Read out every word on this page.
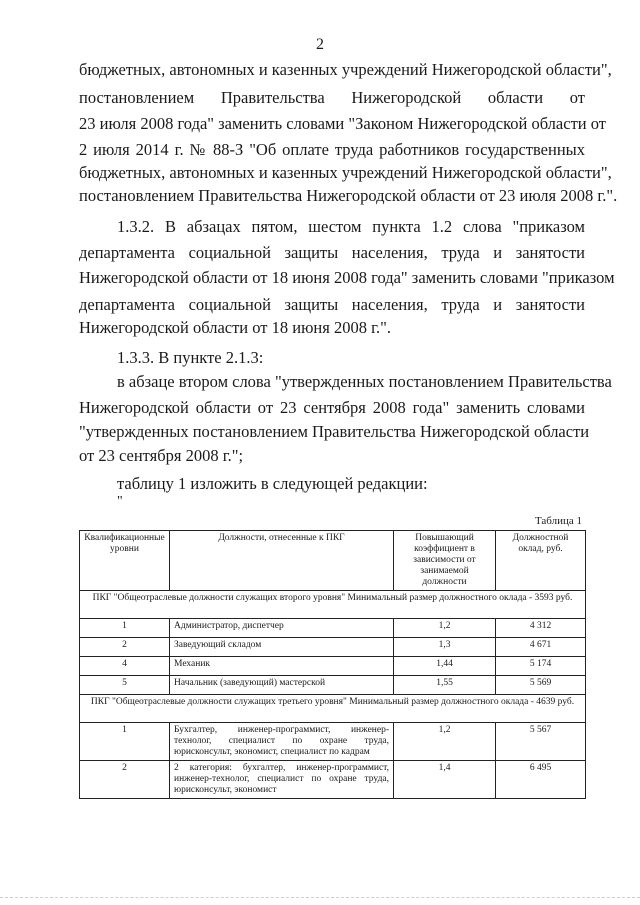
2
бюджетных, автономных и казенных учреждений Нижегородской области",
постановлением Правительства Нижегородской области от
23 июля 2008 года" заменить словами "Законом Нижегородской области от
2 июля 2014 г. № 88-З "Об оплате труда работников государственных
бюджетных, автономных и казенных учреждений Нижегородской области",
постановлением Правительства Нижегородской области от 23 июля 2008 г.".
1.3.2. В абзацах пятом, шестом пункта 1.2 слова "приказом
департамента социальной защиты населения, труда и занятости
Нижегородской области от 18 июня 2008 года" заменить словами "приказом
департамента социальной защиты населения, труда и занятости
Нижегородской области от 18 июня 2008 г.".
1.3.3. В пункте 2.1.3:
в абзаце втором слова "утвержденных постановлением Правительства
Нижегородской области от 23 сентября 2008 года" заменить словами
"утвержденных постановлением Правительства Нижегородской области
от 23 сентября 2008 г.";
таблицу 1 изложить в следующей редакции:
"
Таблица 1
Квалификационные уровни	Должности, отнесенные к ПКГ	Повышающий коэффициент в зависимости от занимаемой должности	Должностной оклад, руб.
ПКГ "Общеотраслевые должности служащих второго уровня" Минимальный размер должностного оклада - 3593 руб.			
1	Администратор, диспетчер	1,2	4 312
2	Заведующий складом	1,3	4 671
4	Механик	1,44	5 174
5	Начальник (заведующий) мастерской	1,55	5 569
ПКГ "Общеотраслевые должности служащих третьего уровня" Минимальный размер должностного оклада - 4639 руб.			
1	Бухгалтер, инженер-программист, инженер-технолог, специалист по охране труда, юрисконсульт, экономист, специалист по кадрам	1,2	5 567
2	2 категория: бухгалтер, инженер-программист, инженер-технолог, специалист по охране труда, юрисконсульт, экономист	1,4	6 495
